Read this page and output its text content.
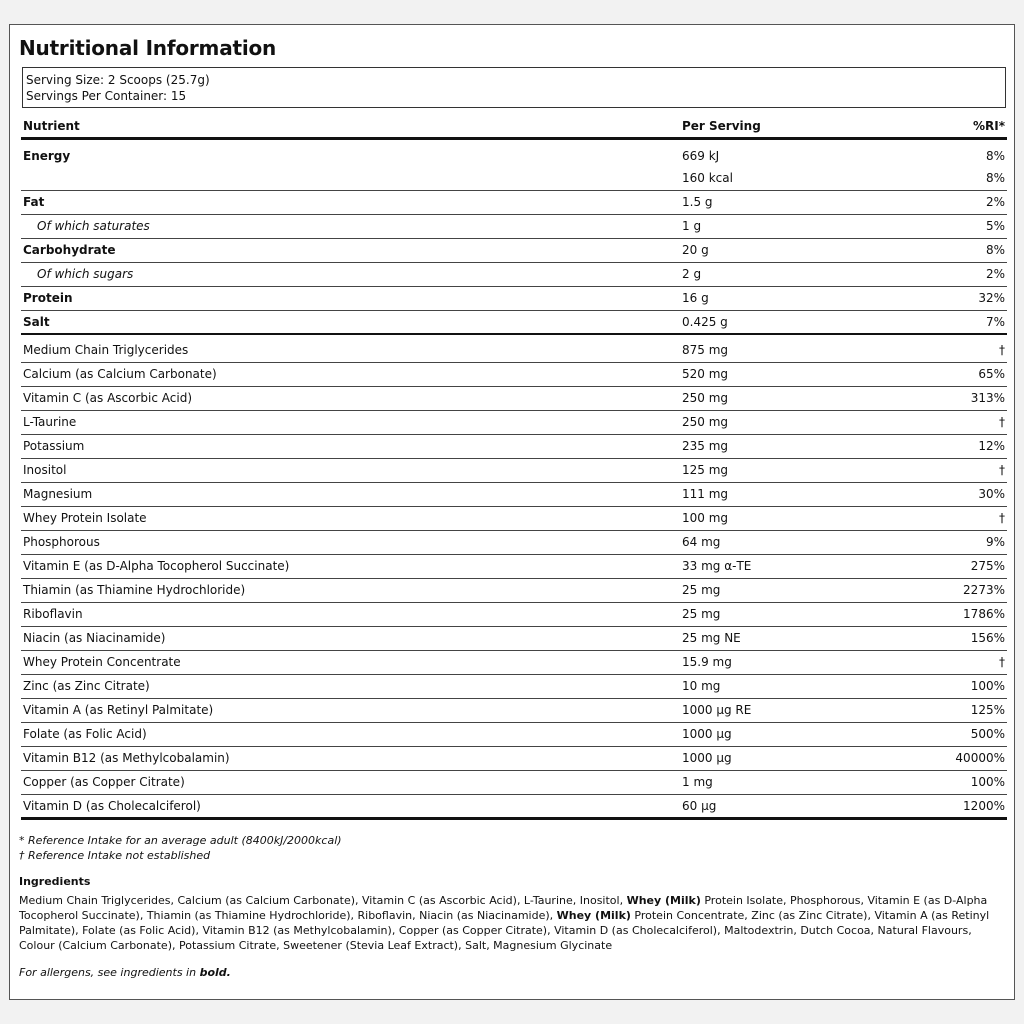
Nutritional Information
Serving Size: 2 Scoops (25.7g)
Servings Per Container: 15
Nutrient	Per Serving	%RI*
Energy	669 kJ	8%
	160 kcal	8%
Fat	1.5 g	2%
Of which saturates	1 g	5%
Carbohydrate	20 g	8%
Of which sugars	2 g	2%
Protein	16 g	32%
Salt	0.425 g	7%
Medium Chain Triglycerides	875 mg	†
Calcium (as Calcium Carbonate)	520 mg	65%
Vitamin C (as Ascorbic Acid)	250 mg	313%
L-Taurine	250 mg	†
Potassium	235 mg	12%
Inositol	125 mg	†
Magnesium	111 mg	30%
Whey Protein Isolate	100 mg	†
Phosphorous	64 mg	9%
Vitamin E (as D-Alpha Tocopherol Succinate)	33 mg α-TE	275%
Thiamin (as Thiamine Hydrochloride)	25 mg	2273%
Riboflavin	25 mg	1786%
Niacin (as Niacinamide)	25 mg NE	156%
Whey Protein Concentrate	15.9 mg	†
Zinc (as Zinc Citrate)	10 mg	100%
Vitamin A (as Retinyl Palmitate)	1000 μg RE	125%
Folate (as Folic Acid)	1000 μg	500%
Vitamin B12 (as Methylcobalamin)	1000 μg	40000%
Copper (as Copper Citrate)	1 mg	100%
Vitamin D (as Cholecalciferol)	60 μg	1200%
* Reference Intake for an average adult (8400kJ/2000kcal)
† Reference Intake not established
Ingredients
Medium Chain Triglycerides, Calcium (as Calcium Carbonate), Vitamin C (as Ascorbic Acid), L-Taurine, Inositol, Whey (Milk) Protein Isolate, Phosphorous, Vitamin E (as D-Alpha Tocopherol Succinate), Thiamin (as Thiamine Hydrochloride), Riboflavin, Niacin (as Niacinamide), Whey (Milk) Protein Concentrate, Zinc (as Zinc Citrate), Vitamin A (as Retinyl Palmitate), Folate (as Folic Acid), Vitamin B12 (as Methylcobalamin), Copper (as Copper Citrate), Vitamin D (as Cholecalciferol), Maltodextrin, Dutch Cocoa, Natural Flavours, Colour (Calcium Carbonate), Potassium Citrate, Sweetener (Stevia Leaf Extract), Salt, Magnesium Glycinate
For allergens, see ingredients in bold.
